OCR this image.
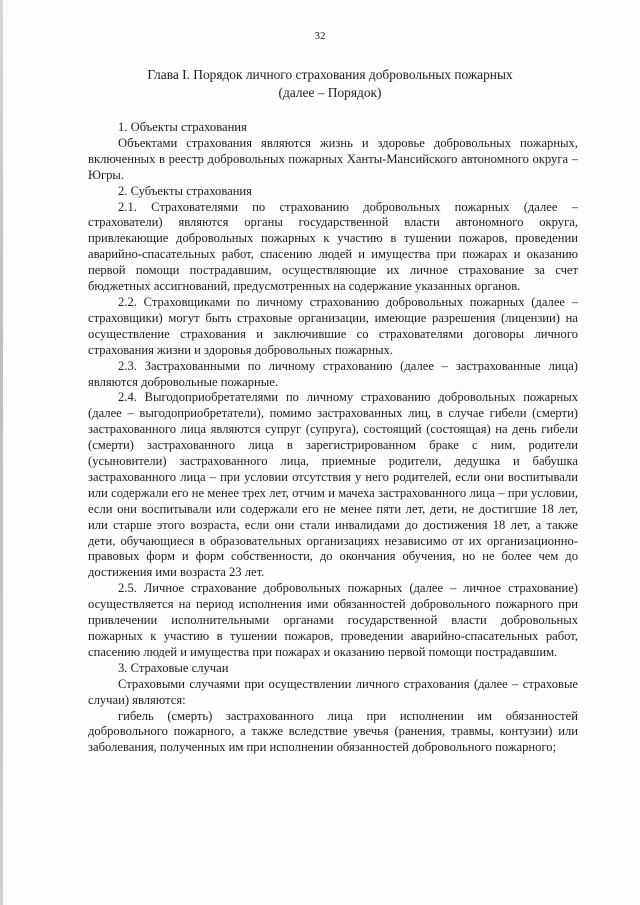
32
Глава I. Порядок личного страхования добровольных пожарных
(далее – Порядок)

1. Объекты страхования

Объектами страхования являются жизнь и здоровье добровольных пожарных, включенных в реестр добровольных пожарных Ханты-Мансийского автономного округа – Югры.

2. Субъекты страхования

2.1. Страхователями по страхованию добровольных пожарных (далее – страхователи) являются органы государственной власти автономного округа, привлекающие добровольных пожарных к участию в тушении пожаров, проведении аварийно-спасательных работ, спасению людей и имущества при пожарах и оказанию первой помощи пострадавшим, осуществляющие их личное страхование за счет бюджетных ассигнований, предусмотренных на содержание указанных органов.

2.2. Страховщиками по личному страхованию добровольных пожарных (далее – страховщики) могут быть страховые организации, имеющие разрешения (лицензии) на осуществление страхования и заключившие со страхователями договоры личного страхования жизни и здоровья добровольных пожарных.

2.3. Застрахованными по личному страхованию (далее – застрахованные лица) являются добровольные пожарные.

2.4. Выгодоприобретателями по личному страхованию добровольных пожарных (далее – выгодоприобретатели), помимо застрахованных лиц, в случае гибели (смерти) застрахованного лица являются супруг (супруга), состоящий (состоящая) на день гибели (смерти) застрахованного лица в зарегистрированном браке с ним, родители (усыновители) застрахованного лица, приемные родители, дедушка и бабушка застрахованного лица – при условии отсутствия у него родителей, если они воспитывали или содержали его не менее трех лет, отчим и мачеха застрахованного лица – при условии, если они воспитывали или содержали его не менее пяти лет, дети, не достигшие 18 лет, или старше этого возраста, если они стали инвалидами до достижения 18 лет, а также дети, обучающиеся в образовательных организациях независимо от их организационно-правовых форм и форм собственности, до окончания обучения, но не более чем до достижения ими возраста 23 лет.

2.5. Личное страхование добровольных пожарных (далее – личное страхование) осуществляется на период исполнения ими обязанностей добровольного пожарного при привлечении исполнительными органами государственной власти добровольных пожарных к участию в тушении пожаров, проведении аварийно-спасательных работ, спасению людей и имущества при пожарах и оказанию первой помощи пострадавшим.

3. Страховые случаи

Страховыми случаями при осуществлении личного страхования (далее – страховые случаи) являются:

гибель (смерть) застрахованного лица при исполнении им обязанностей добровольного пожарного, а также вследствие увечья (ранения, травмы, контузии) или заболевания, полученных им при исполнении обязанностей добровольного пожарного;
